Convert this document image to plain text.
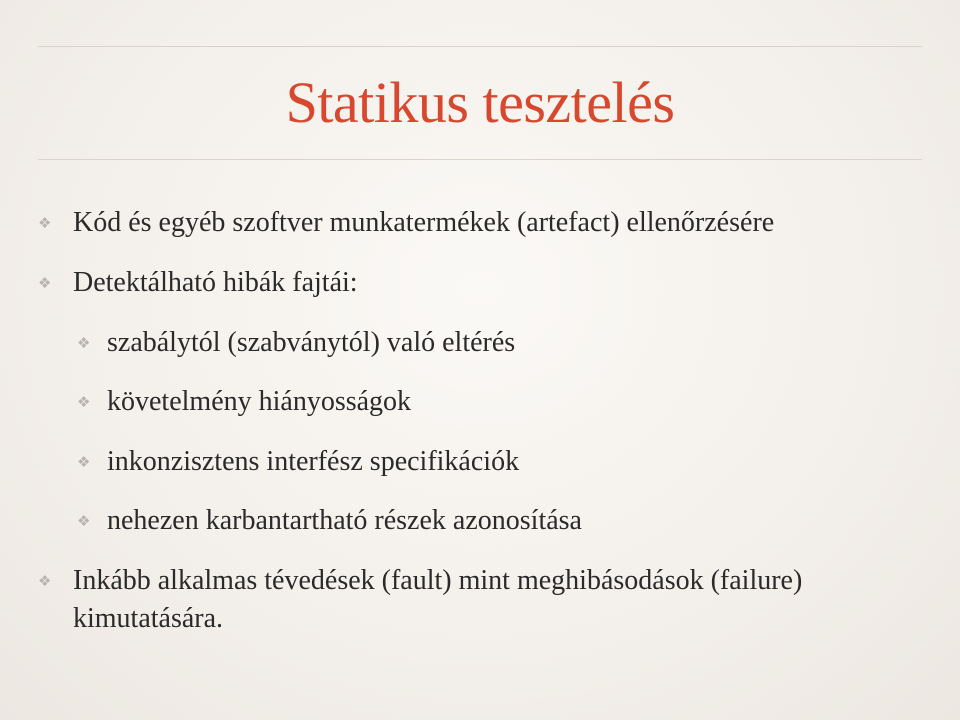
Statikus tesztelés
❖ Kód és egyéb szoftver munkatermékek (artefact) ellenőrzésére
❖ Detektálható hibák fajtái:
❖ szabálytól (szabványtól) való eltérés
❖ követelmény hiányosságok
❖ inkonzisztens interfész specifikációk
❖ nehezen karbantartható részek azonosítása
❖ Inkább alkalmas tévedések (fault) mint meghibásodások (failure) kimutatására.
